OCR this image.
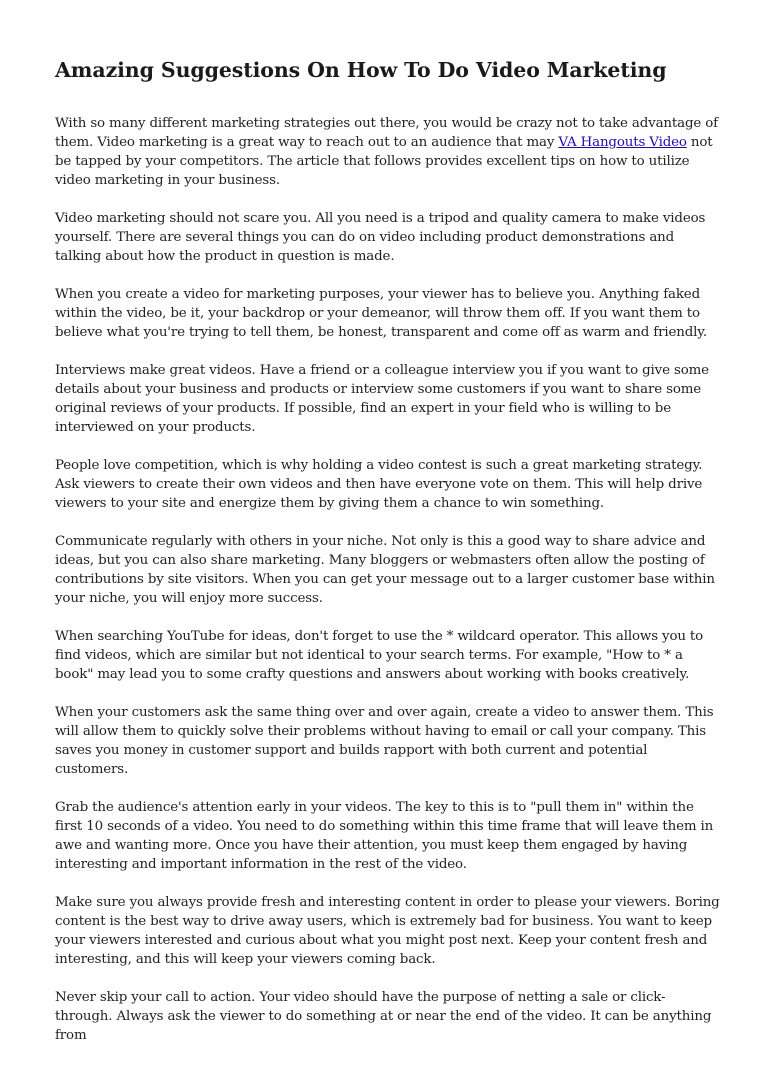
Amazing Suggestions On How To Do Video Marketing

With so many different marketing strategies out there, you would be crazy not to take advantage of them. Video marketing is a great way to reach out to an audience that may VA Hangouts Video not be tapped by your competitors. The article that follows provides excellent tips on how to utilize video marketing in your business.

Video marketing should not scare you. All you need is a tripod and quality camera to make videos yourself. There are several things you can do on video including product demonstrations and talking about how the product in question is made.

When you create a video for marketing purposes, your viewer has to believe you. Anything faked within the video, be it, your backdrop or your demeanor, will throw them off. If you want them to believe what you're trying to tell them, be honest, transparent and come off as warm and friendly.

Interviews make great videos. Have a friend or a colleague interview you if you want to give some details about your business and products or interview some customers if you want to share some original reviews of your products. If possible, find an expert in your field who is willing to be interviewed on your products.

People love competition, which is why holding a video contest is such a great marketing strategy. Ask viewers to create their own videos and then have everyone vote on them. This will help drive viewers to your site and energize them by giving them a chance to win something.

Communicate regularly with others in your niche. Not only is this a good way to share advice and ideas, but you can also share marketing. Many bloggers or webmasters often allow the posting of contributions by site visitors. When you can get your message out to a larger customer base within your niche, you will enjoy more success.

When searching YouTube for ideas, don't forget to use the * wildcard operator. This allows you to find videos, which are similar but not identical to your search terms. For example, "How to * a book" may lead you to some crafty questions and answers about working with books creatively.

When your customers ask the same thing over and over again, create a video to answer them. This will allow them to quickly solve their problems without having to email or call your company. This saves you money in customer support and builds rapport with both current and potential customers.

Grab the audience's attention early in your videos. The key to this is to "pull them in" within the first 10 seconds of a video. You need to do something within this time frame that will leave them in awe and wanting more. Once you have their attention, you must keep them engaged by having interesting and important information in the rest of the video.

Make sure you always provide fresh and interesting content in order to please your viewers. Boring content is the best way to drive away users, which is extremely bad for business. You want to keep your viewers interested and curious about what you might post next. Keep your content fresh and interesting, and this will keep your viewers coming back.

Never skip your call to action. Your video should have the purpose of netting a sale or click-through. Always ask the viewer to do something at or near the end of the video. It can be anything from
